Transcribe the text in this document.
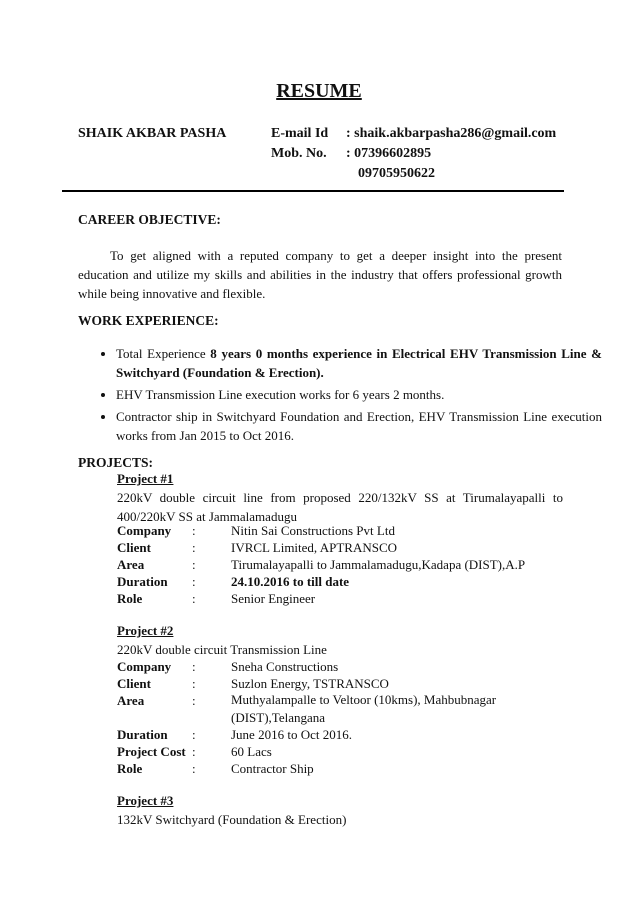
RESUME
SHAIK AKBAR PASHA	E-mail Id : shaik.akbarpasha286@gmail.com
Mob. No. : 07396602895
09705950622
CAREER OBJECTIVE:
To get aligned with a reputed company to get a deeper insight into the present education and utilize my skills and abilities in the industry that offers professional growth while being innovative and flexible.
WORK EXPERIENCE:
• Total Experience 8 years 0 months experience in Electrical EHV Transmission Line & Switchyard (Foundation & Erection).
• EHV Transmission Line execution works for 6 years 2 months.
• Contractor ship in Switchyard Foundation and Erection, EHV Transmission Line execution works from Jan 2015 to Oct 2016.
PROJECTS:
Project #1
220kV double circuit line from proposed 220/132kV SS at Tirumalayapalli to 400/220kV SS at Jammalamadugu
Company :	Nitin Sai Constructions Pvt Ltd
Client	:	IVRCL Limited, APTRANSCO
Area	:	Tirumalayapalli to Jammalamadugu,Kadapa (DIST),A.P
Duration :	24.10.2016 to till date
Role	:	Senior Engineer
Project #2
220kV double circuit Transmission Line
Company :	Sneha Constructions
Client	:	Suzlon Energy, TSTRANSCO
Area	:	Muthyalampalle to Veltoor (10kms), Mahbubnagar (DIST),Telangana
Duration :	June 2016 to Oct 2016.
Project Cost :	60 Lacs
Role	:	Contractor Ship
Project #3
132kV Switchyard (Foundation & Erection)
